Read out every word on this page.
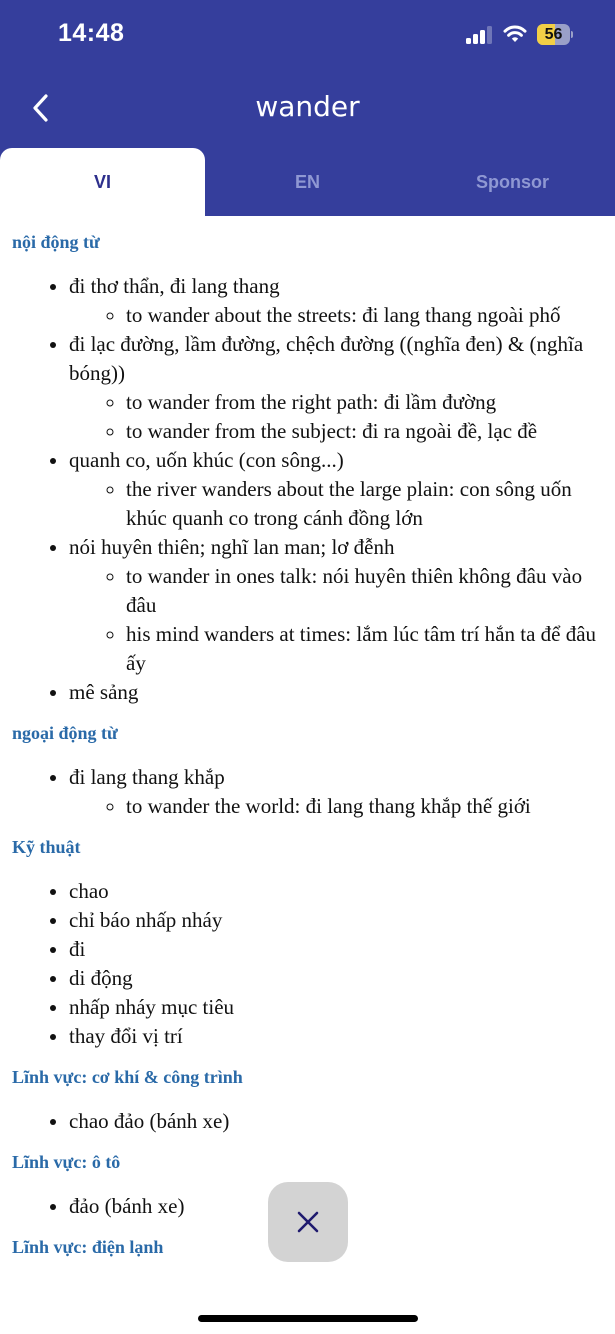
14:48	56
wander
VI	EN	Sponsor
nội động từ
• đi thơ thẩn, đi lang thang
◦ to wander about the streets: đi lang thang ngoài phố
• đi lạc đường, lầm đường, chệch đường ((nghĩa đen) & (nghĩa bóng))
◦ to wander from the right path: đi lầm đường
◦ to wander from the subject: đi ra ngoài đề, lạc đề
• quanh co, uốn khúc (con sông...)
◦ the river wanders about the large plain: con sông uốn khúc quanh co trong cánh đồng lớn
• nói huyên thiên; nghĩ lan man; lơ đễnh
◦ to wander in ones talk: nói huyên thiên không đâu vào đâu
◦ his mind wanders at times: lắm lúc tâm trí hắn ta để đâu ấy
• mê sảng
ngoại động từ
• đi lang thang khắp
◦ to wander the world: đi lang thang khắp thế giới
Kỹ thuật
• chao
• chỉ báo nhấp nháy
• đi
• di động
• nhấp nháy mục tiêu
• thay đổi vị trí
Lĩnh vực: cơ khí & công trình
• chao đảo (bánh xe)
Lĩnh vực: ô tô
• đảo (bánh xe)
Lĩnh vực: điện lạnh
